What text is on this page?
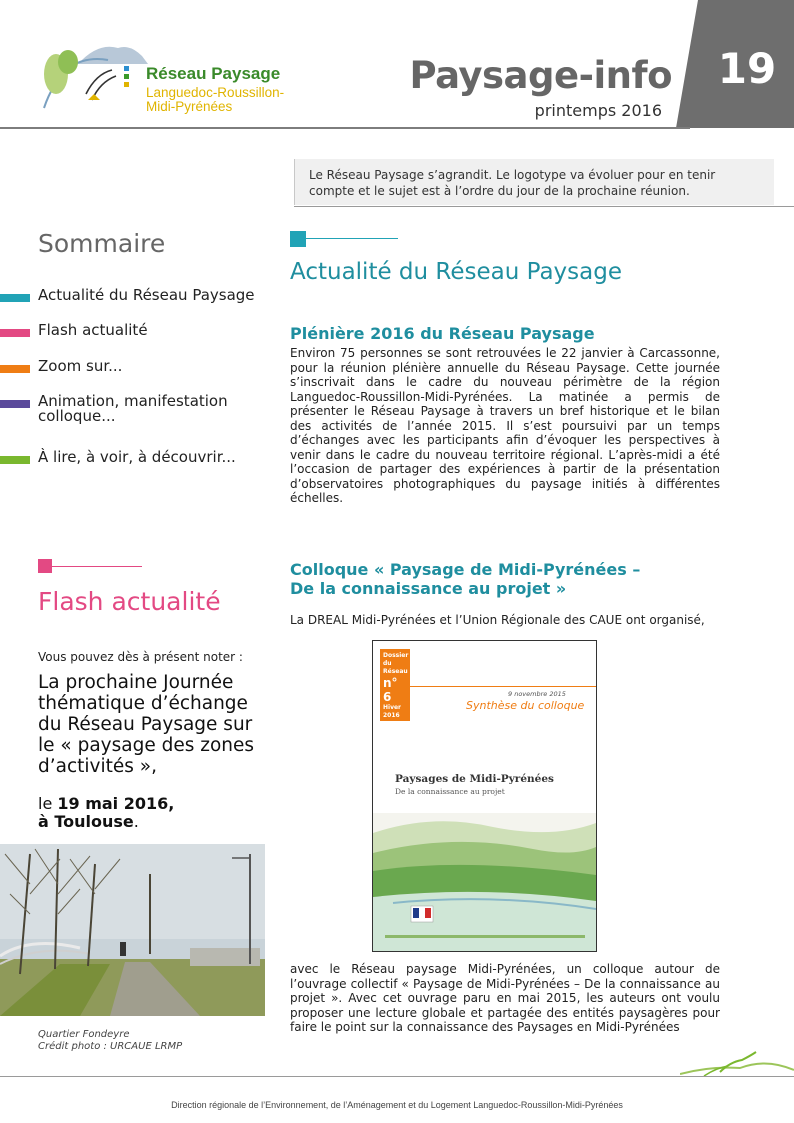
Réseau Paysage
Languedoc-Roussillon-
Midi-Pyrénées
Paysage-info
printemps 2016
19
Le Réseau Paysage s’agrandit. Le logotype va évoluer pour en tenir compte et le sujet est à l’ordre du jour de la prochaine réunion.
Sommaire
Actualité du Réseau Paysage
Flash actualité
Zoom sur...
Animation, manifestation colloque...
À lire, à voir, à découvrir...
Flash actualité
Vous pouvez dès à présent noter :
La prochaine Journée thématique d’échange du Réseau Paysage sur le « paysage des zones d’activités »,
le 19 mai 2016,
à Toulouse.
Quartier Fondeyre
Crédit photo : URCAUE LRMP
Actualité du Réseau Paysage
Plénière 2016 du Réseau Paysage
Environ 75 personnes se sont retrouvées le 22 janvier à Carcassonne, pour la réunion plénière annuelle du Réseau Paysage. Cette journée s’inscrivait dans le cadre du nouveau périmètre de la région Languedoc-Roussillon-Midi-Pyrénées. La matinée a permis de présenter le Réseau Paysage à travers un bref historique et le bilan des activités de l’année 2015. Il s’est poursuivi par un temps d’échanges avec les participants afin d’évoquer les perspectives à venir dans le cadre du nouveau territoire régional. L’après-midi a été l’occasion de partager des expériences à partir de la présentation d’observatoires photographiques du paysage initiés à différentes échelles.
Colloque « Paysage de Midi-Pyrénées –
De la connaissance au projet »
La DREAL Midi-Pyrénées et l’Union Régionale des CAUE ont organisé,
Dossier
du Réseau
n° 6
Hiver
2016
9 novembre 2015
Synthèse du colloque
Paysages de Midi-Pyrénées
De la connaissance au projet
avec le Réseau paysage Midi-Pyrénées, un colloque autour de l’ouvrage collectif « Paysage de Midi-Pyrénées – De la connaissance au projet ». Avec cet ouvrage paru en mai 2015, les auteurs ont voulu proposer une lecture globale et partagée des entités paysagères pour faire le point sur la connaissance des Paysages en Midi-Pyrénées
Direction régionale de l’Environnement, de l’Aménagement et du Logement Languedoc-Roussillon-Midi-Pyrénées
